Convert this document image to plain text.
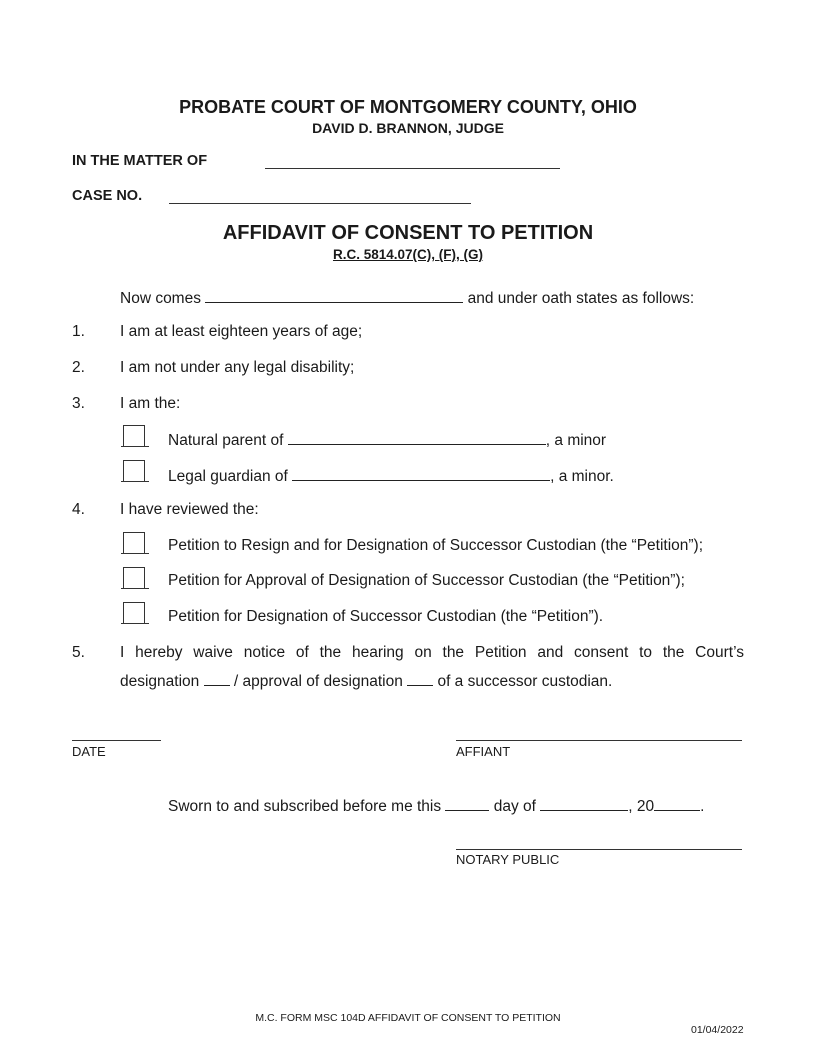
PROBATE COURT OF MONTGOMERY COUNTY, OHIO
DAVID D. BRANNON, JUDGE
IN THE MATTER OF
CASE NO.
AFFIDAVIT OF CONSENT TO PETITION
R.C. 5814.07(C), (F), (G)
Now comes	and under oath states as follows:
1. I am at least eighteen years of age;
2. I am not under any legal disability;
3. I am the:
Natural parent of	, a minor
Legal guardian of	, a minor.
4. I have reviewed the:
Petition to Resign and for Designation of Successor Custodian (the “Petition”);
Petition for Approval of Designation of Successor Custodian (the “Petition”);
Petition for Designation of Successor Custodian (the “Petition”).
5. I hereby waive notice of the hearing on the Petition and consent to the Court’s
designation / approval of designation of a successor custodian.
DATE	AFFIANT
Sworn to and subscribed before me this	day of	, 20	.
NOTARY PUBLIC
M.C. FORM MSC 104D AFFIDAVIT OF CONSENT TO PETITION
01/04/2022
